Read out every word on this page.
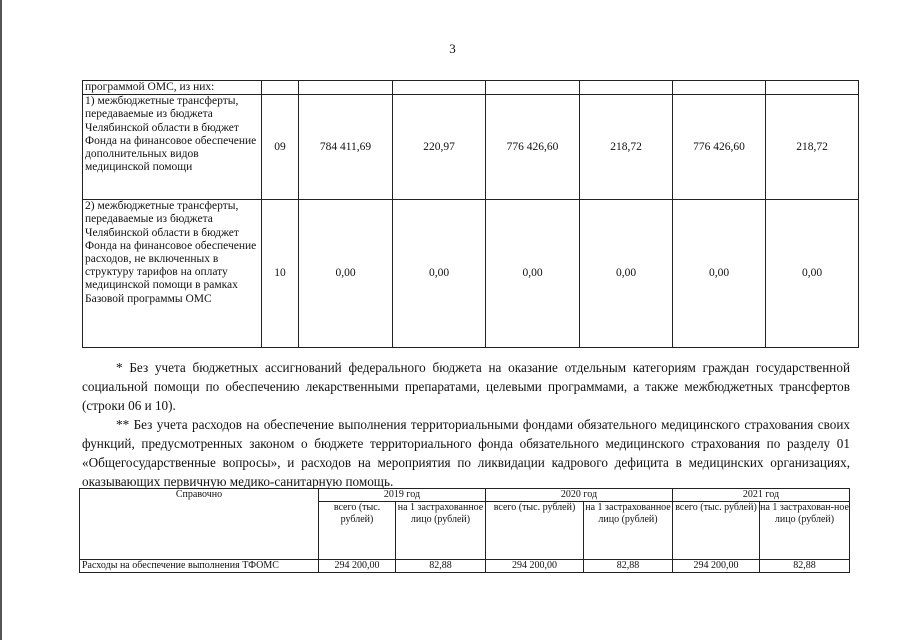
3
программой ОМС, из них:							
1) межбюджетные трансферты, передаваемые из бюджета Челябинской области в бюджет Фонда на финансовое обеспечение дополнительных видов медицинской помощи	09	784 411,69	220,97	776 426,60	218,72	776 426,60	218,72
2) межбюджетные трансферты, передаваемые из бюджета Челябинской области в бюджет Фонда на финансовое обеспечение расходов, не включенных в структуру тарифов на оплату медицинской помощи в рамках Базовой программы ОМС	10	0,00	0,00	0,00	0,00	0,00	0,00

* Без учета бюджетных ассигнований федерального бюджета на оказание отдельным категориям граждан государственной социальной помощи по обеспечению лекарственными препаратами, целевыми программами, а также межбюджетных трансфертов (строки 06 и 10).

** Без учета расходов на обеспечение выполнения территориальными фондами обязательного медицинского страхования своих функций, предусмотренных законом о бюджете территориального фонда обязательного медицинского страхования по разделу 01 «Общегосударственные вопросы», и расходов на мероприятия по ликвидации кадрового дефицита в медицинских организациях, оказывающих первичную медико-санитарную помощь.

Справочно	2019 год		2020 год		2021 год	
	всего (тыс. рублей)	на 1 застрахованное лицо (рублей)	всего (тыс. рублей)	на 1 застрахованное лицо (рублей)	всего (тыс. рублей)	на 1 застрахован-ное лицо (рублей)
Расходы на обеспечение выполнения ТФОМС	294 200,00	82,88	294 200,00	82,88	294 200,00	82,88
